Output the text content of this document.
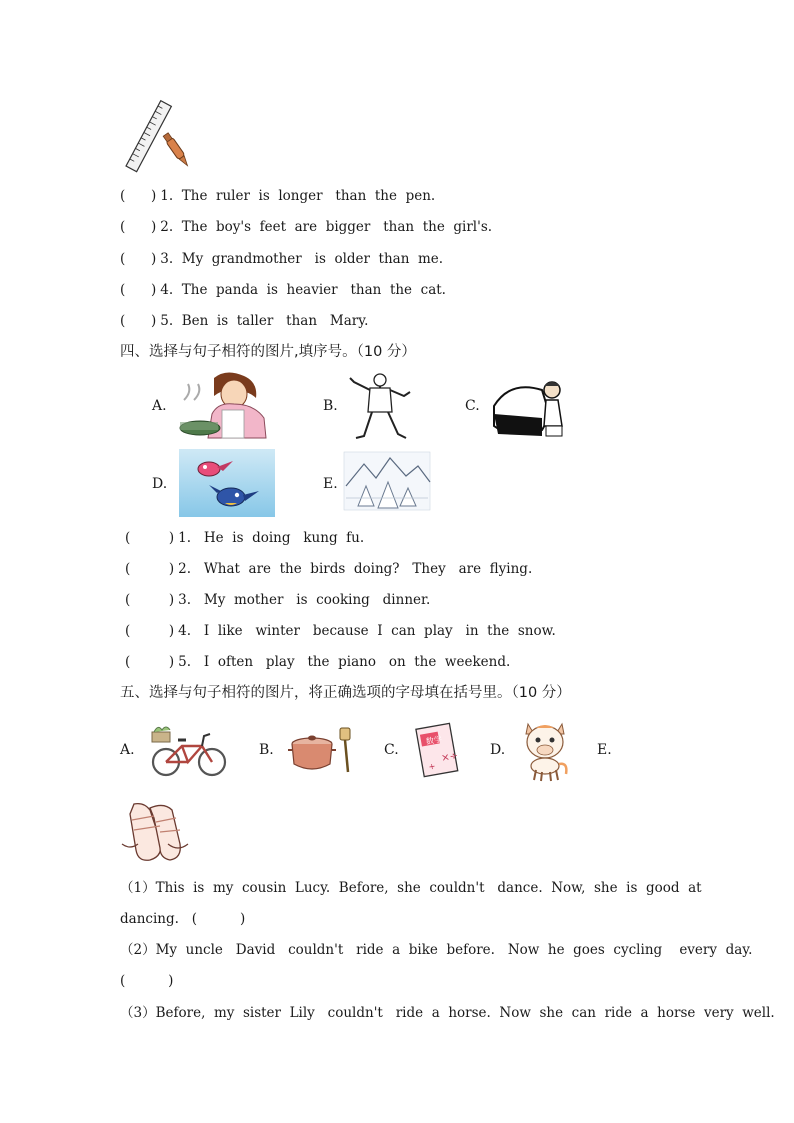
(      ) 1.  The  ruler  is  longer   than  the  pen.
(      ) 2.  The  boy's  feet  are  bigger   than  the  girl's.
(      ) 3.  My  grandmother   is  older  than  me.
(      ) 4.  The  panda  is  heavier   than  the  cat.
(      ) 5.  Ben  is  taller   than   Mary.
四、选择与句子相符的图片,填序号。（10 分）
A.	B.	C.
D.	E.
(         ) 1.   He  is  doing   kung  fu.
(         ) 2.   What  are  the  birds  doing?   They   are  flying.
(         ) 3.   My  mother   is  cooking   dinner.
(         ) 4.   I  like   winter   because  I  can  play   in  the  snow.
(         ) 5.   I  often   play   the  piano   on  the  weekend.
五、选择与句子相符的图片，将正确选项的字母填在括号里。（10 分）
A.	B.	C.	×÷
+
数学
D.	E.
（1）This  is  my  cousin  Lucy.  Before,  she  couldn't   dance.  Now,  she  is  good  at
dancing.   (          )
（2）My  uncle   David   couldn't   ride  a  bike  before.   Now  he  goes  cycling    every  day.
(          )
（3）Before,  my  sister  Lily   couldn't   ride  a  horse.  Now  she  can  ride  a  horse  very  well.
